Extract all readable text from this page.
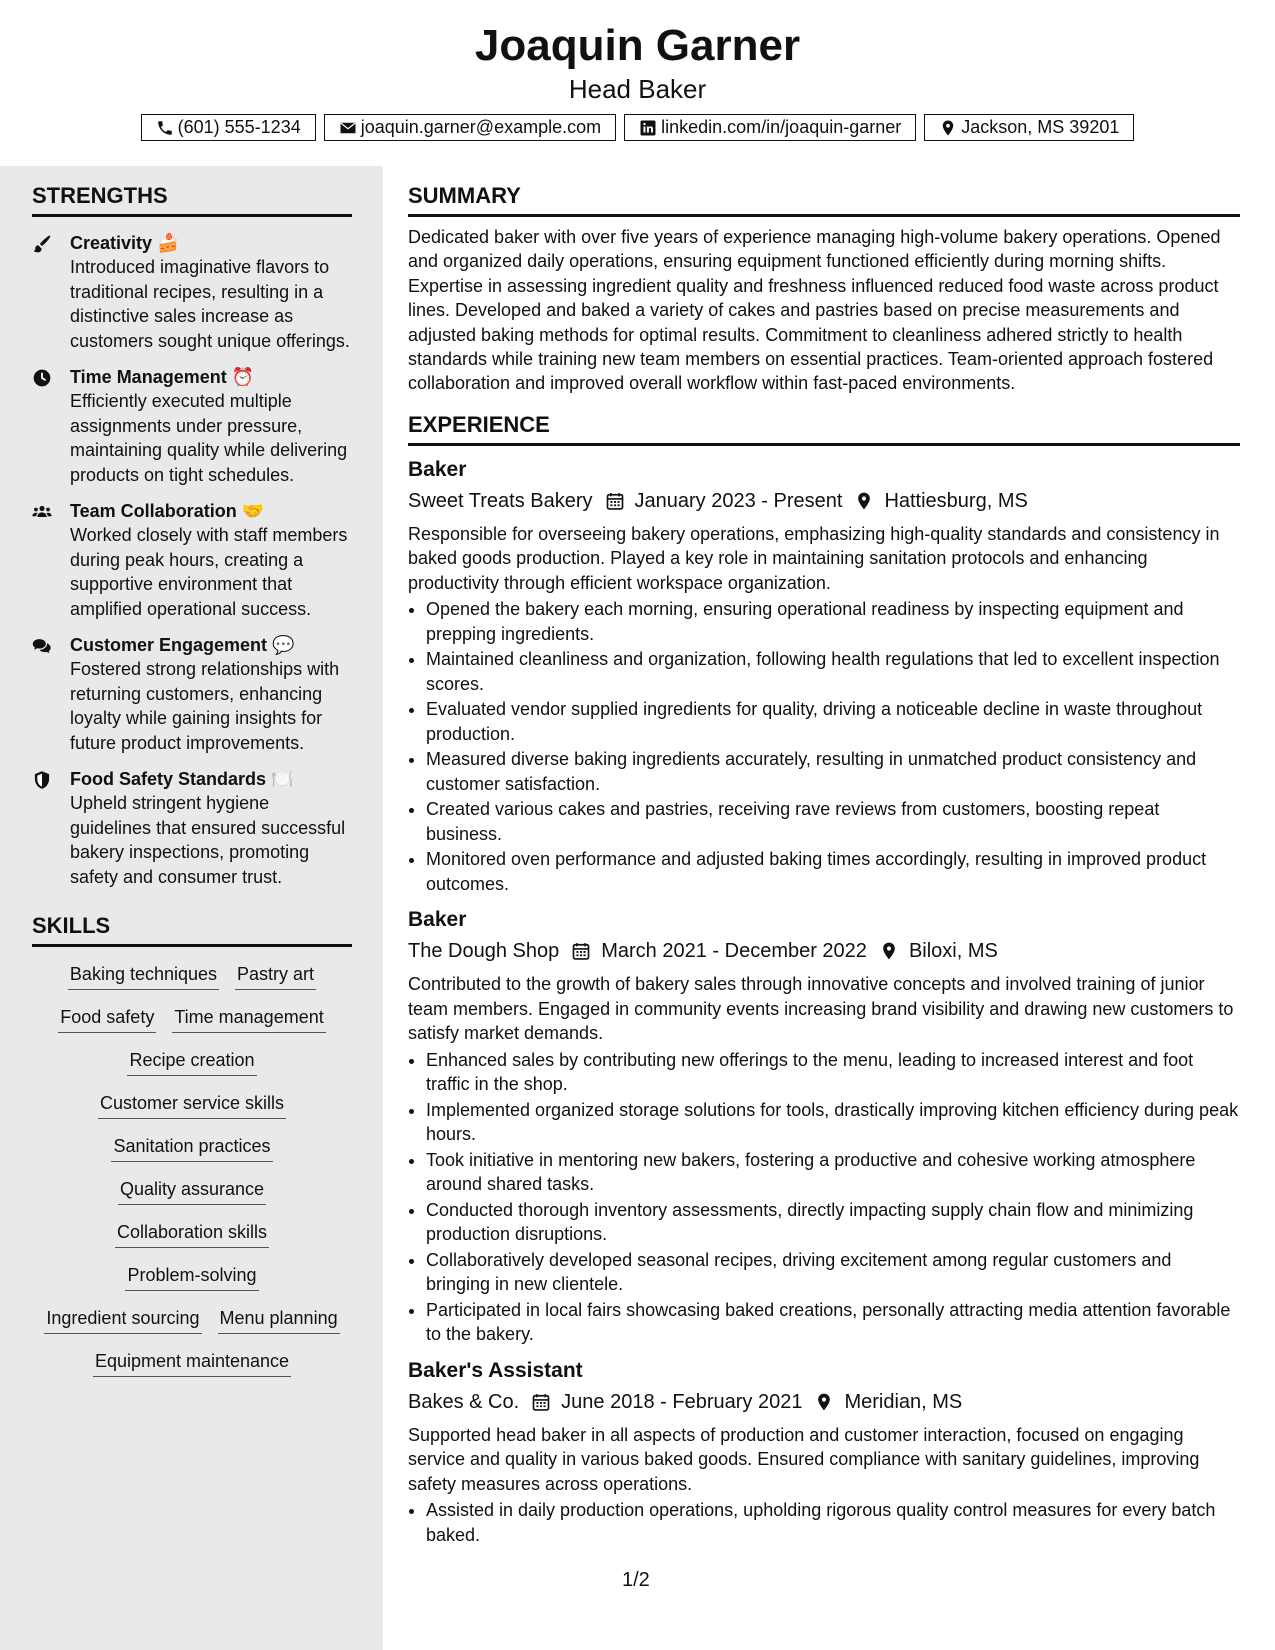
Joaquin Garner
Head Baker
(601) 555-1234	joaquin.garner@example.com	linkedin.com/in/joaquin-garner	Jackson, MS 39201
STRENGTHS
Creativity 🍰
Introduced imaginative flavors to traditional recipes, resulting in a distinctive sales increase as customers sought unique offerings.
Time Management ⏰
Efficiently executed multiple assignments under pressure, maintaining quality while delivering products on tight schedules.
Team Collaboration 🤝
Worked closely with staff members during peak hours, creating a supportive environment that amplified operational success.
Customer Engagement 💬
Fostered strong relationships with returning customers, enhancing loyalty while gaining insights for future product improvements.
Food Safety Standards 🍽️
Upheld stringent hygiene guidelines that ensured successful bakery inspections, promoting safety and consumer trust.
SKILLS
Baking techniques Pastry art
Food safety Time management
Recipe creation
Customer service skills
Sanitation practices
Quality assurance
Collaboration skills
Problem-solving
Ingredient sourcing Menu planning
Equipment maintenance
SUMMARY
Dedicated baker with over five years of experience managing high-volume bakery operations. Opened and organized daily operations, ensuring equipment functioned efficiently during morning shifts. Expertise in assessing ingredient quality and freshness influenced reduced food waste across product lines. Developed and baked a variety of cakes and pastries based on precise measurements and adjusted baking methods for optimal results. Commitment to cleanliness adhered strictly to health standards while training new team members on essential practices. Team-oriented approach fostered collaboration and improved overall workflow within fast-paced environments.
EXPERIENCE
Baker
Sweet Treats Bakery January 2023 - Present Hattiesburg, MS
Responsible for overseeing bakery operations, emphasizing high-quality standards and consistency in baked goods production. Played a key role in maintaining sanitation protocols and enhancing productivity through efficient workspace organization.
• Opened the bakery each morning, ensuring operational readiness by inspecting equipment and prepping ingredients.
• Maintained cleanliness and organization, following health regulations that led to excellent inspection scores.
• Evaluated vendor supplied ingredients for quality, driving a noticeable decline in waste throughout production.
• Measured diverse baking ingredients accurately, resulting in unmatched product consistency and customer satisfaction.
• Created various cakes and pastries, receiving rave reviews from customers, boosting repeat business.
• Monitored oven performance and adjusted baking times accordingly, resulting in improved product outcomes.
Baker
The Dough Shop March 2021 - December 2022 Biloxi, MS
Contributed to the growth of bakery sales through innovative concepts and involved training of junior team members. Engaged in community events increasing brand visibility and drawing new customers to satisfy market demands.
• Enhanced sales by contributing new offerings to the menu, leading to increased interest and foot traffic in the shop.
• Implemented organized storage solutions for tools, drastically improving kitchen efficiency during peak hours.
• Took initiative in mentoring new bakers, fostering a productive and cohesive working atmosphere around shared tasks.
• Conducted thorough inventory assessments, directly impacting supply chain flow and minimizing production disruptions.
• Collaboratively developed seasonal recipes, driving excitement among regular customers and bringing in new clientele.
• Participated in local fairs showcasing baked creations, personally attracting media attention favorable to the bakery.
Baker's Assistant
Bakes & Co. June 2018 - February 2021 Meridian, MS
Supported head baker in all aspects of production and customer interaction, focused on engaging service and quality in various baked goods. Ensured compliance with sanitary guidelines, improving safety measures across operations.
• Assisted in daily production operations, upholding rigorous quality control measures for every batch baked.
1/2
